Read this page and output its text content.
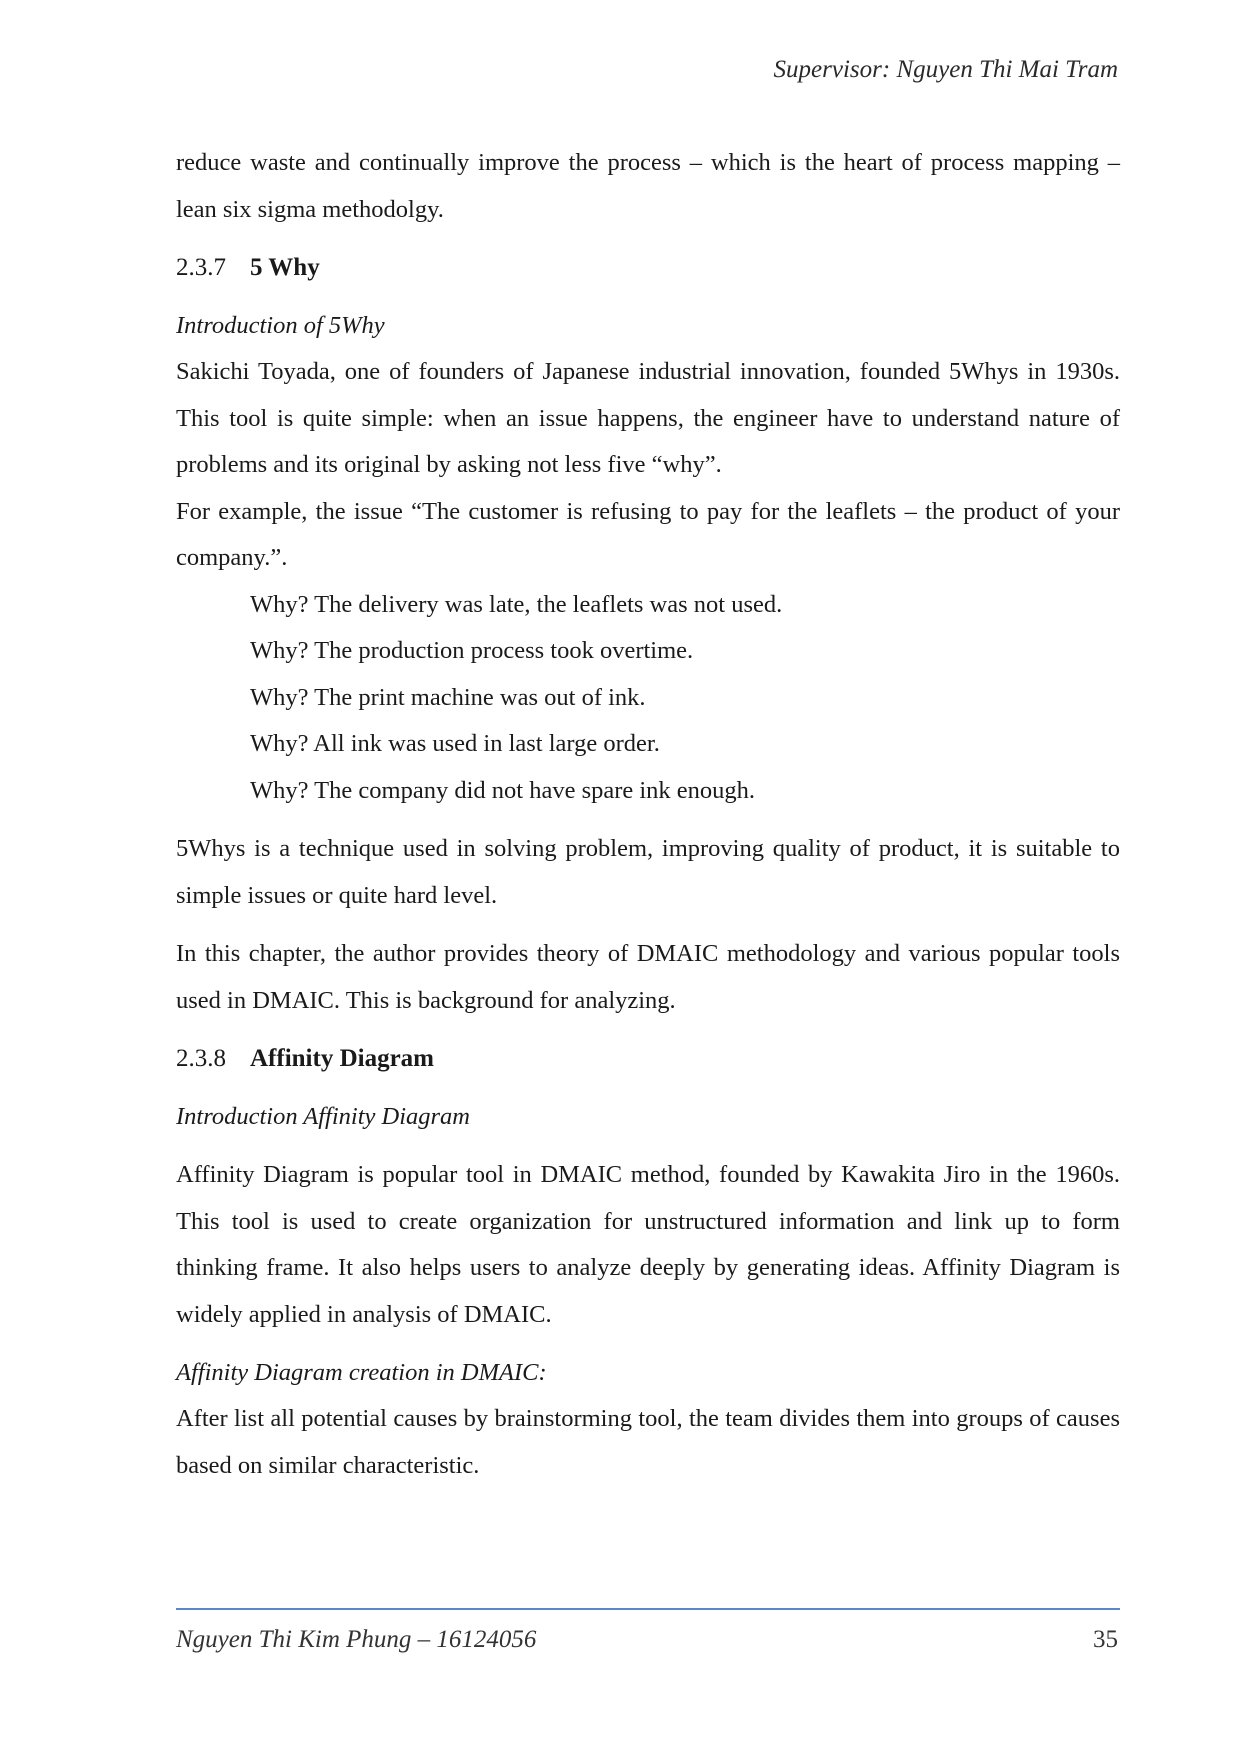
Supervisor: Nguyen Thi Mai Tram

reduce waste and continually improve the process – which is the heart of process mapping – lean six sigma methodolgy.

2.3.7 5 Why

Introduction of 5Why

Sakichi Toyada, one of founders of Japanese industrial innovation, founded 5Whys in 1930s. This tool is quite simple: when an issue happens, the engineer have to understand nature of problems and its original by asking not less five “why”.

For example, the issue “The customer is refusing to pay for the leaflets – the product of your company.”.

Why? The delivery was late, the leaflets was not used.
Why? The production process took overtime.
Why? The print machine was out of ink.
Why? All ink was used in last large order.
Why? The company did not have spare ink enough.

5Whys is a technique used in solving problem, improving quality of product, it is suitable to simple issues or quite hard level.

In this chapter, the author provides theory of DMAIC methodology and various popular tools used in DMAIC. This is background for analyzing.

2.3.8 Affinity Diagram

Introduction Affinity Diagram

Affinity Diagram is popular tool in DMAIC method, founded by Kawakita Jiro in the 1960s. This tool is used to create organization for unstructured information and link up to form thinking frame. It also helps users to analyze deeply by generating ideas. Affinity Diagram is widely applied in analysis of DMAIC.

Affinity Diagram creation in DMAIC:

After list all potential causes by brainstorming tool, the team divides them into groups of causes based on similar characteristic.

Nguyen Thi Kim Phung – 16124056	35
